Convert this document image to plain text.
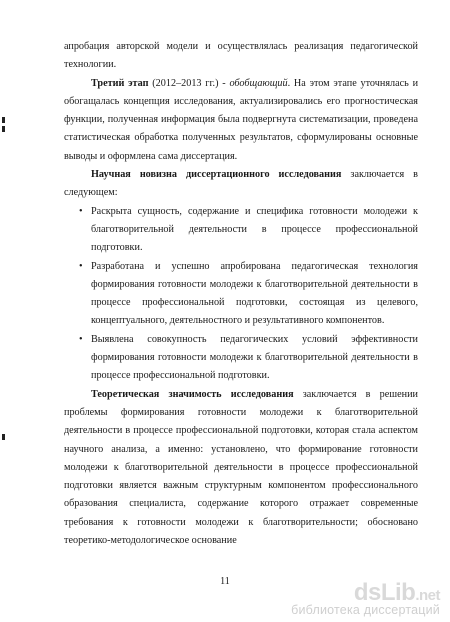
апробация авторской модели и осуществлялась реализация педагогической технологии.

Третий этап (2012–2013 гг.) - обобщающий. На этом этапе уточнялась и обогащалась концепция исследования, актуализировались его прогностическая функции, полученная информация была подвергнута систематизации, проведена статистическая обработка полученных результатов, сформулированы основные выводы и оформлена сама диссертация.

Научная новизна диссертационного исследования заключается в следующем:

• Раскрыта сущность, содержание и специфика готовности молодежи к благотворительной деятельности в процессе профессиональной подготовки.
• Разработана и успешно апробирована педагогическая технология формирования готовности молодежи к благотворительной деятельности в процессе профессиональной подготовки, состоящая из целевого, концептуального, деятельностного и результативного компонентов.
• Выявлена совокупность педагогических условий эффективности формирования готовности молодежи к благотворительной деятельности в процессе профессиональной подготовки.

Теоретическая значимость исследования заключается в решении проблемы формирования готовности молодежи к благотворительной деятельности в процессе профессиональной подготовки, которая стала аспектом научного анализа, а именно: установлено, что формирование готовности молодежи к благотворительной деятельности в процессе профессиональной подготовки является важным структурным компонентом профессионального образования специалиста, содержание которого отражает современные требования к готовности молодежи к благотворительности; обосновано теоретико-методологическое основание

11	dsLib.net
библиотека диссертаций
